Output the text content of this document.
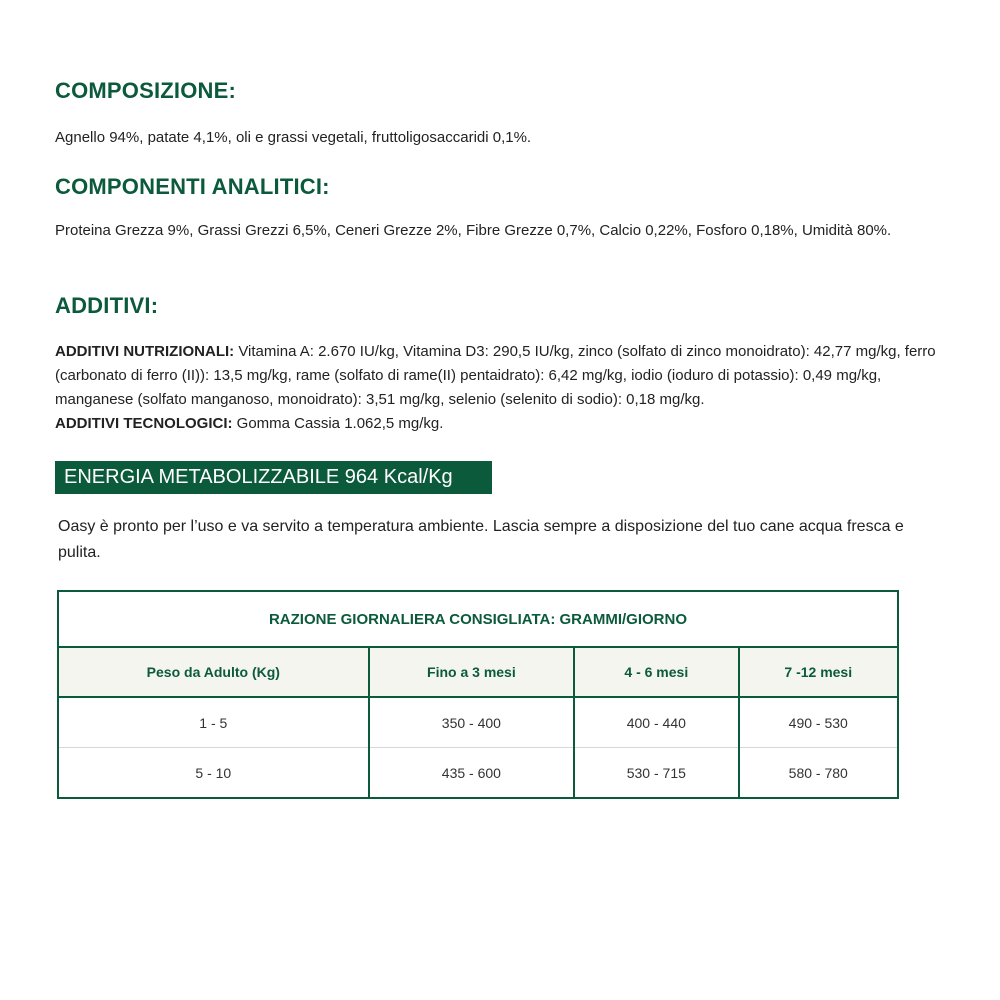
COMPOSIZIONE:

Agnello 94%, patate 4,1%, oli e grassi vegetali, fruttoligosaccaridi 0,1%.

COMPONENTI ANALITICI:

Proteina Grezza 9%, Grassi Grezzi 6,5%, Ceneri Grezze 2%, Fibre Grezze 0,7%, Calcio 0,22%, Fosforo 0,18%, Umidità 80%.

ADDITIVI:

ADDITIVI NUTRIZIONALI: Vitamina A: 2.670 IU/kg, Vitamina D3: 290,5 IU/kg, zinco (solfato di zinco monoidrato): 42,77 mg/kg, ferro (carbonato di ferro (II)): 13,5 mg/kg, rame (solfato di rame(II) pentaidrato): 6,42 mg/kg, iodio (ioduro di potassio): 0,49 mg/kg, manganese (solfato manganoso, monoidrato): 3,51 mg/kg, selenio (selenito di sodio): 0,18 mg/kg.
ADDITIVI TECNOLOGICI: Gomma Cassia 1.062,5 mg/kg.

ENERGIA METABOLIZZABILE 964 Kcal/Kg

Oasy è pronto per l’uso e va servito a temperatura ambiente. Lascia sempre a disposizione del tuo cane acqua fresca e pulita.

RAZIONE GIORNALIERA CONSIGLIATA: GRAMMI/GIORNO			
Peso da Adulto (Kg)	Fino a 3 mesi	4 - 6 mesi	7 -12 mesi
1 - 5	350 - 400	400 - 440	490 - 530
5 - 10	435 - 600	530 - 715	580 - 780
